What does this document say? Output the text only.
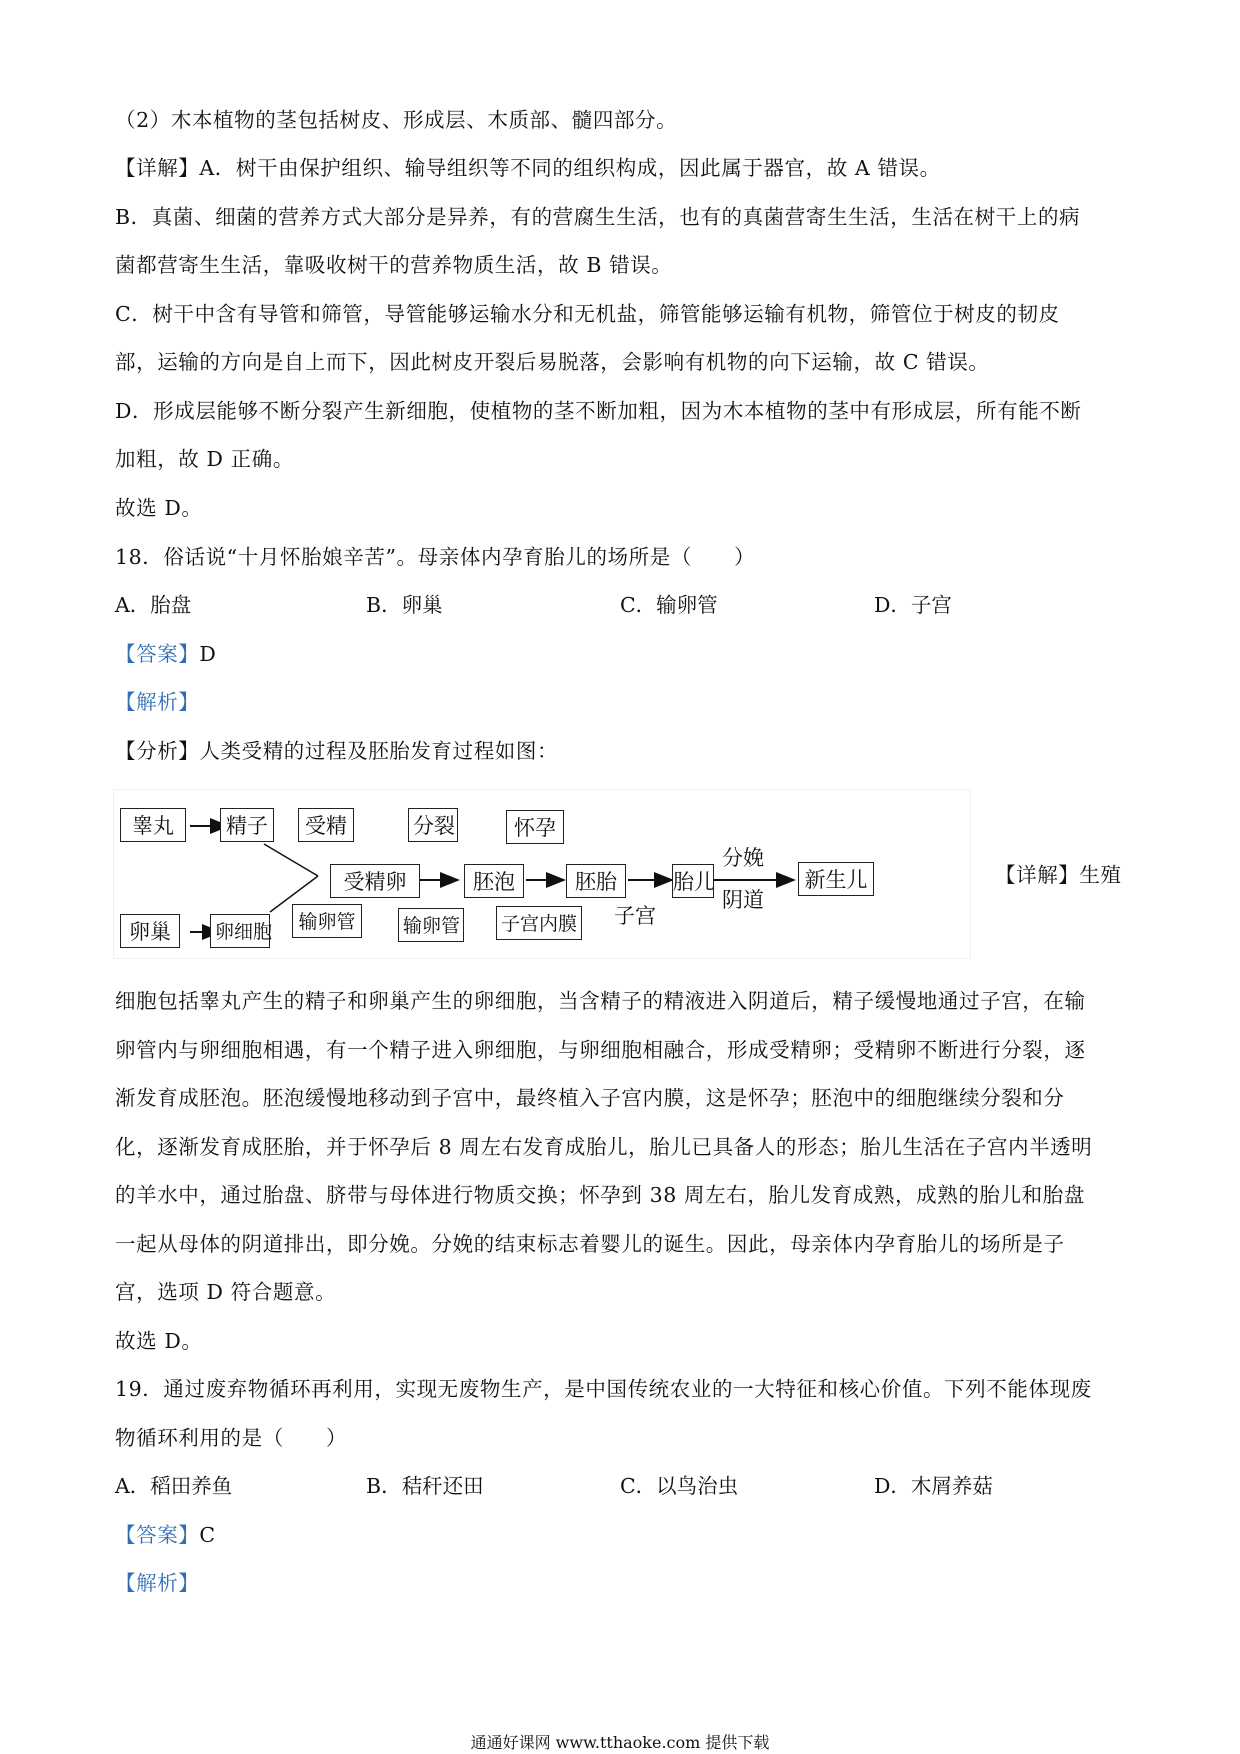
（2）木本植物的茎包括树皮、形成层、木质部、髓四部分。
【详解】A．树干由保护组织、输导组织等不同的组织构成，因此属于器官，故 A 错误。
B．真菌、细菌的营养方式大部分是异养，有的营腐生生活，也有的真菌营寄生生活，生活在树干上的病
菌都营寄生生活，靠吸收树干的营养物质生活，故 B 错误。
C．树干中含有导管和筛管，导管能够运输水分和无机盐，筛管能够运输有机物，筛管位于树皮的韧皮
部，运输的方向是自上而下，因此树皮开裂后易脱落，会影响有机物的向下运输，故 C 错误。
D．形成层能够不断分裂产生新细胞，使植物的茎不断加粗，因为木本植物的茎中有形成层，所有能不断
加粗，故 D 正确。
故选 D。
18．俗话说“十月怀胎娘辛苦”。母亲体内孕育胎儿的场所是（　　）
A．胎盘	B．卵巢	C．输卵管	D．子宫
【答案】D
【解析】
【分析】人类受精的过程及胚胎发育过程如图：
睾丸	精子	受精	分裂	怀孕
受精卵	胚泡	胚胎	胎儿	新生儿
分娩
阴道
子宫
卵巢	卵细胞	输卵管	输卵管 子宫内膜
【详解】生殖
细胞包括睾丸产生的精子和卵巢产生的卵细胞，当含精子的精液进入阴道后，精子缓慢地通过子宫，在输
卵管内与卵细胞相遇，有一个精子进入卵细胞，与卵细胞相融合，形成受精卵；受精卵不断进行分裂，逐
渐发育成胚泡。胚泡缓慢地移动到子宫中，最终植入子宫内膜，这是怀孕；胚泡中的细胞继续分裂和分
化，逐渐发育成胚胎，并于怀孕后 8 周左右发育成胎儿，胎儿已具备人的形态；胎儿生活在子宫内半透明
的羊水中，通过胎盘、脐带与母体进行物质交换；怀孕到 38 周左右，胎儿发育成熟，成熟的胎儿和胎盘
一起从母体的阴道排出，即分娩。分娩的结束标志着婴儿的诞生。因此，母亲体内孕育胎儿的场所是子
宫，选项 D 符合题意。
故选 D。
19．通过废弃物循环再利用，实现无废物生产，是中国传统农业的一大特征和核心价值。下列不能体现废
物循环利用的是（　　）
A．稻田养鱼	B．秸秆还田	C．以鸟治虫	D．木屑养菇
【答案】C
【解析】
通通好课网 www.tthaoke.com 提供下载
